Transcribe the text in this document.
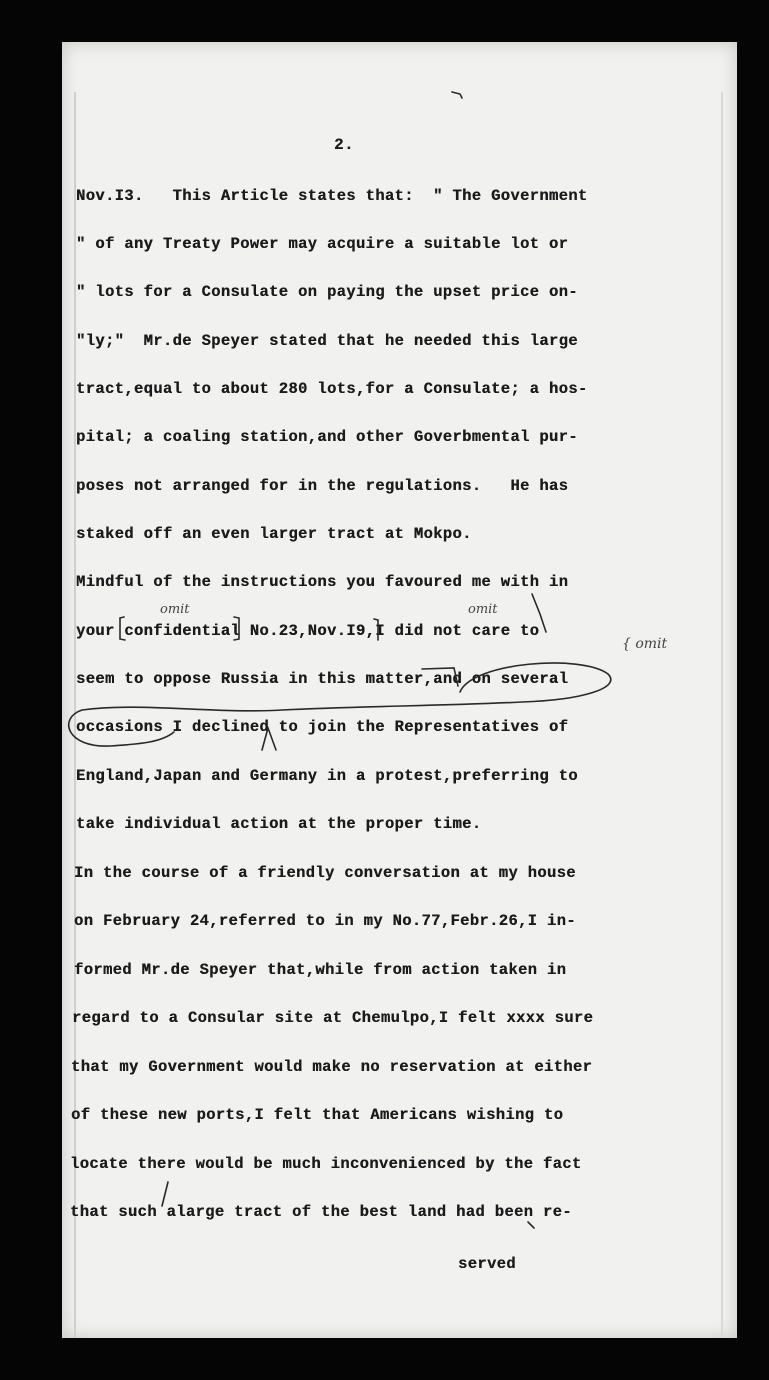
2.
Nov.I3.   This Article states that:  " The Government
" of any Treaty Power may acquire a suitable lot or
" lots for a Consulate on paying the upset price on-
"ly;"  Mr.de Speyer stated that he needed this large
tract,equal to about 280 lots,for a Consulate; a hos-
pital; a coaling station,and other Goverbmental pur-
poses not arranged for in the regulations.   He has
staked off an even larger tract at Mokpo.
Mindful of the instructions you favoured me with in
your confidential No.23,Nov.I9,I did not care to
seem to oppose Russia in this matter,and on several
occasions I declined to join the Representatives of
England,Japan and Germany in a protest,preferring to
take individual action at the proper time.
In the course of a friendly conversation at my house
on February 24,referred to in my No.77,Febr.26,I in-
formed Mr.de Speyer that,while from action taken in
regard to a Consular site at Chemulpo,I felt xxxx sure
that my Government would make no reservation at either
of these new ports,I felt that Americans wishing to
locate there would be much inconvenienced by the fact
that such alarge tract of the best land had been re-
served
omit	omit
{ omit
